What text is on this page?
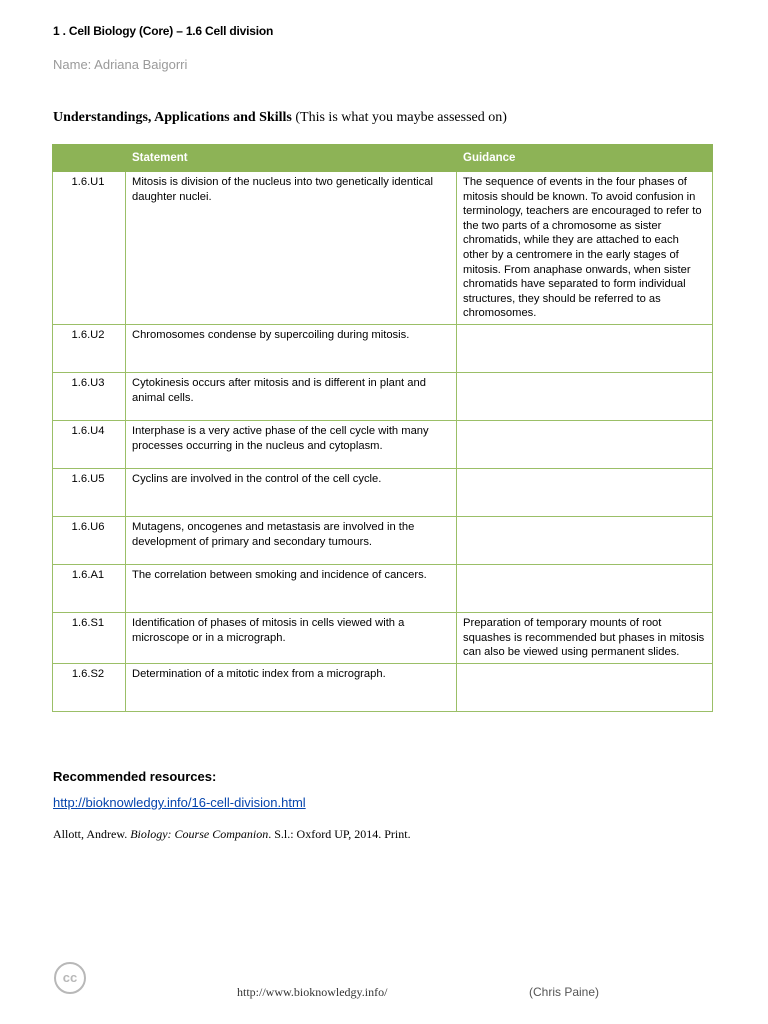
1 . Cell Biology (Core) – 1.6 Cell division
Name: Adriana Baigorri
Understandings, Applications and Skills (This is what you maybe assessed on)
	Statement	Guidance
1.6.U1	Mitosis is division of the nucleus into two genetically identical daughter nuclei.	The sequence of events in the four phases of mitosis should be known. To avoid confusion in terminology, teachers are encouraged to refer to the two parts of a chromosome as sister chromatids, while they are attached to each other by a centromere in the early stages of mitosis. From anaphase onwards, when sister chromatids have separated to form individual structures, they should be referred to as chromosomes.
1.6.U2	Chromosomes condense by supercoiling during mitosis.	
1.6.U3	Cytokinesis occurs after mitosis and is different in plant and animal cells.	
1.6.U4	Interphase is a very active phase of the cell cycle with many processes occurring in the nucleus and cytoplasm.	
1.6.U5	Cyclins are involved in the control of the cell cycle.	
1.6.U6	Mutagens, oncogenes and metastasis are involved in the development of primary and secondary tumours.	
1.6.A1	The correlation between smoking and incidence of cancers.	
1.6.S1	Identification of phases of mitosis in cells viewed with a microscope or in a micrograph.	Preparation of temporary mounts of root squashes is recommended but phases in mitosis can also be viewed using permanent slides.
1.6.S2	Determination of a mitotic index from a micrograph.	
Recommended resources:
http://bioknowledgy.info/16-cell-division.html
Allott, Andrew. Biology: Course Companion. S.l.: Oxford UP, 2014. Print.
cc
http://www.bioknowledgy.info/	(Chris Paine)
